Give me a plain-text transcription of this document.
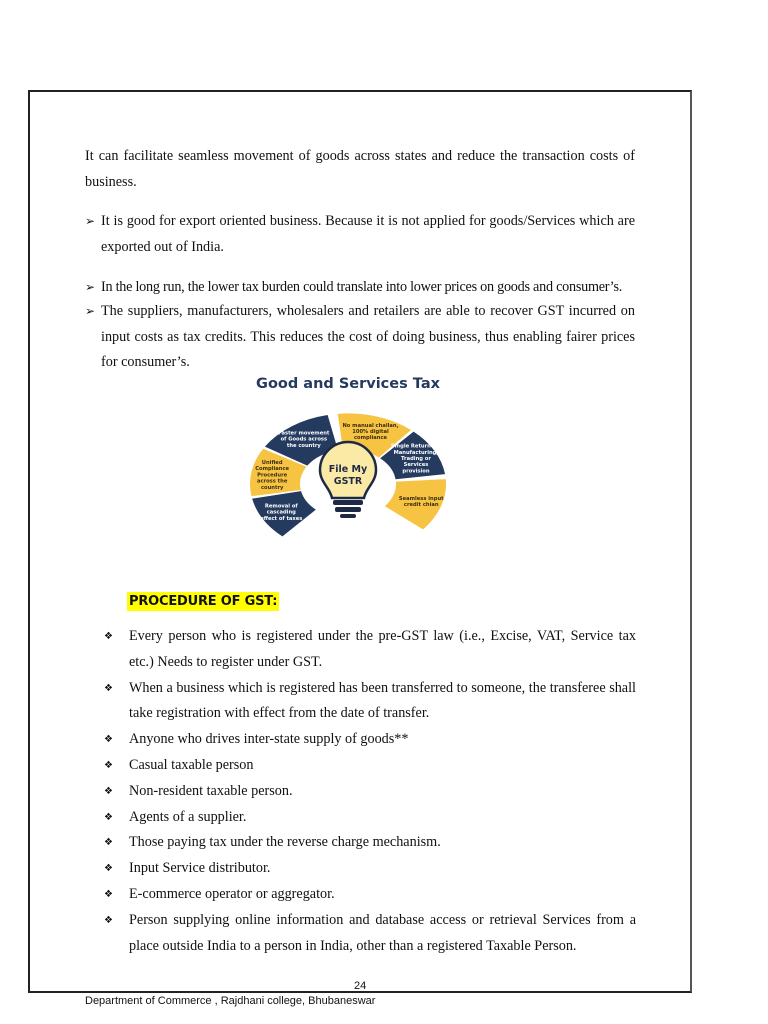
It can facilitate seamless movement of goods across states and reduce the transaction costs of business.

➢ It is good for export oriented business. Because it is not applied for goods/Services which are exported out of India.
➢ In the long run, the lower tax burden could translate into lower prices on goods and consumer’s.
➢ The suppliers, manufacturers, wholesalers and retailers are able to recover GST incurred on input costs as tax credits. This reduces the cost of doing business, thus enabling fairer prices for consumer’s.
Good and Services Tax
Removal of
cascading
effect of taxes
Unified
Compliance
Procedure
across the
country
Faster movement
of Goods across
the country
No manual challan,
100% digital
compliance
Single Return for
Manufacturing,
Trading or
Services
provision
Seamless input
credit chian
File My
GSTR
PROCEDURE OF GST:
❖ Every person who is registered under the pre-GST law (i.e., Excise, VAT, Service tax etc.) Needs to register under GST.
❖ When a business which is registered has been transferred to someone, the transferee shall take registration with effect from the date of transfer.
❖ Anyone who drives inter-state supply of goods**
❖ Casual taxable person
❖ Non-resident taxable person.
❖ Agents of a supplier.
❖ Those paying tax under the reverse charge mechanism.
❖ Input Service distributor.
❖ E-commerce operator or aggregator.
❖ Person supplying online information and database access or retrieval Services from a place outside India to a person in India, other than a registered Taxable Person.
24
Department of Commerce , Rajdhani college, Bhubaneswar
